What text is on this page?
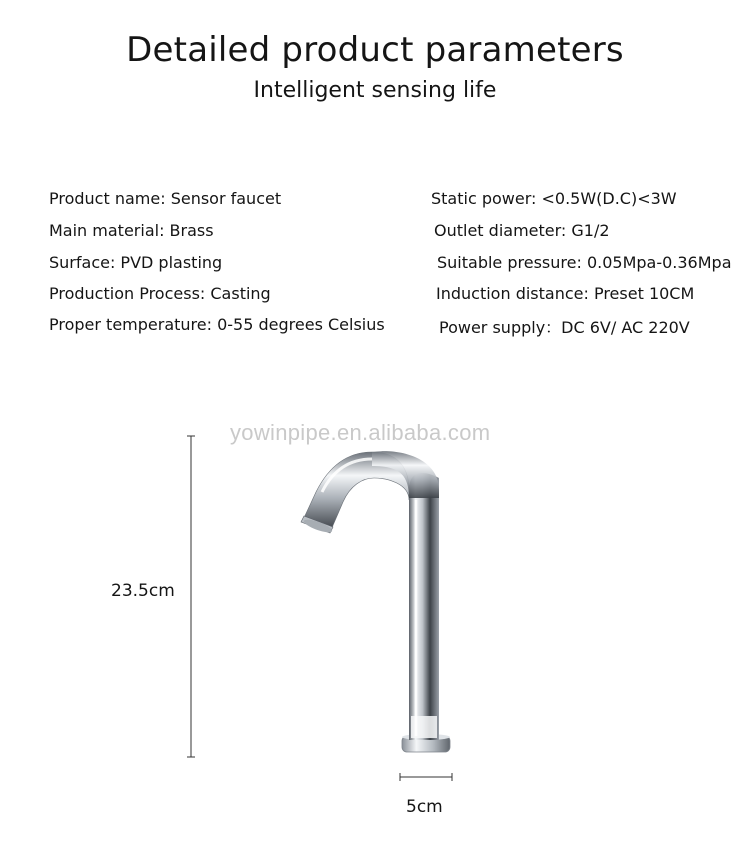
Detailed product parameters
Intelligent sensing life
Product name: Sensor faucet
Main material: Brass
Surface: PVD plasting
Production Process: Casting
Proper temperature: 0-55 degrees Celsius
Static power: <0.5W(D.C)<3W
Outlet diameter: G1/2
Suitable pressure: 0.05Mpa-0.36Mpa
Induction distance: Preset 10CM
Power supply：DC 6V/ AC 220V
yowinpipe.en.alibaba.com
23.5cm
5cm
